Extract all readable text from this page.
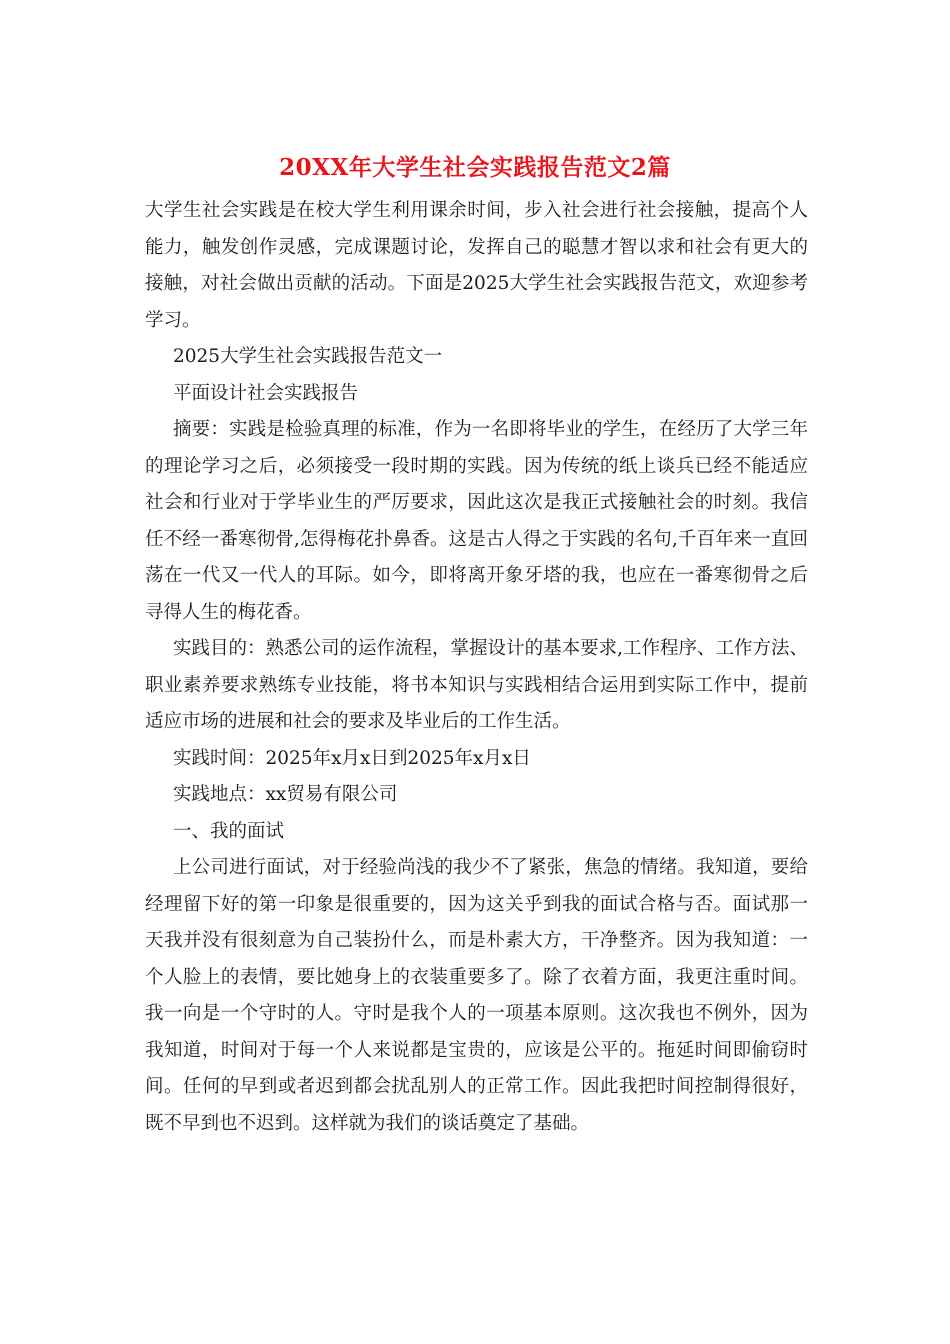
20XX年大学生社会实践报告范文2篇

大学生社会实践是在校大学生利用课余时间，步入社会进行社会接触，提高个人能力，触发创作灵感，完成课题讨论，发挥自己的聪慧才智以求和社会有更大的接触，对社会做出贡献的活动。下面是2025大学生社会实践报告范文，欢迎参考学习。

2025大学生社会实践报告范文一

平面设计社会实践报告

摘要：实践是检验真理的标准，作为一名即将毕业的学生，在经历了大学三年的理论学习之后，必须接受一段时期的实践。因为传统的纸上谈兵已经不能适应社会和行业对于学毕业生的严厉要求，因此这次是我正式接触社会的时刻。我信任不经一番寒彻骨,怎得梅花扑鼻香。这是古人得之于实践的名句,千百年来一直回荡在一代又一代人的耳际。如今，即将离开象牙塔的我，也应在一番寒彻骨之后寻得人生的梅花香。

实践目的：熟悉公司的运作流程，掌握设计的基本要求,工作程序、工作方法、职业素养要求熟练专业技能，将书本知识与实践相结合运用到实际工作中，提前适应市场的进展和社会的要求及毕业后的工作生活。

实践时间：2025年x月x日到2025年x月x日

实践地点：xx贸易有限公司

一、我的面试

上公司进行面试，对于经验尚浅的我少不了紧张，焦急的情绪。我知道，要给经理留下好的第一印象是很重要的，因为这关乎到我的面试合格与否。面试那一天我并没有很刻意为自己装扮什么，而是朴素大方，干净整齐。因为我知道：一个人脸上的表情，要比她身上的衣装重要多了。除了衣着方面，我更注重时间。我一向是一个守时的人。守时是我个人的一项基本原则。这次我也不例外，因为我知道，时间对于每一个人来说都是宝贵的，应该是公平的。拖延时间即偷窃时间。任何的早到或者迟到都会扰乱别人的正常工作。因此我把时间控制得很好，既不早到也不迟到。这样就为我们的谈话奠定了基础。
